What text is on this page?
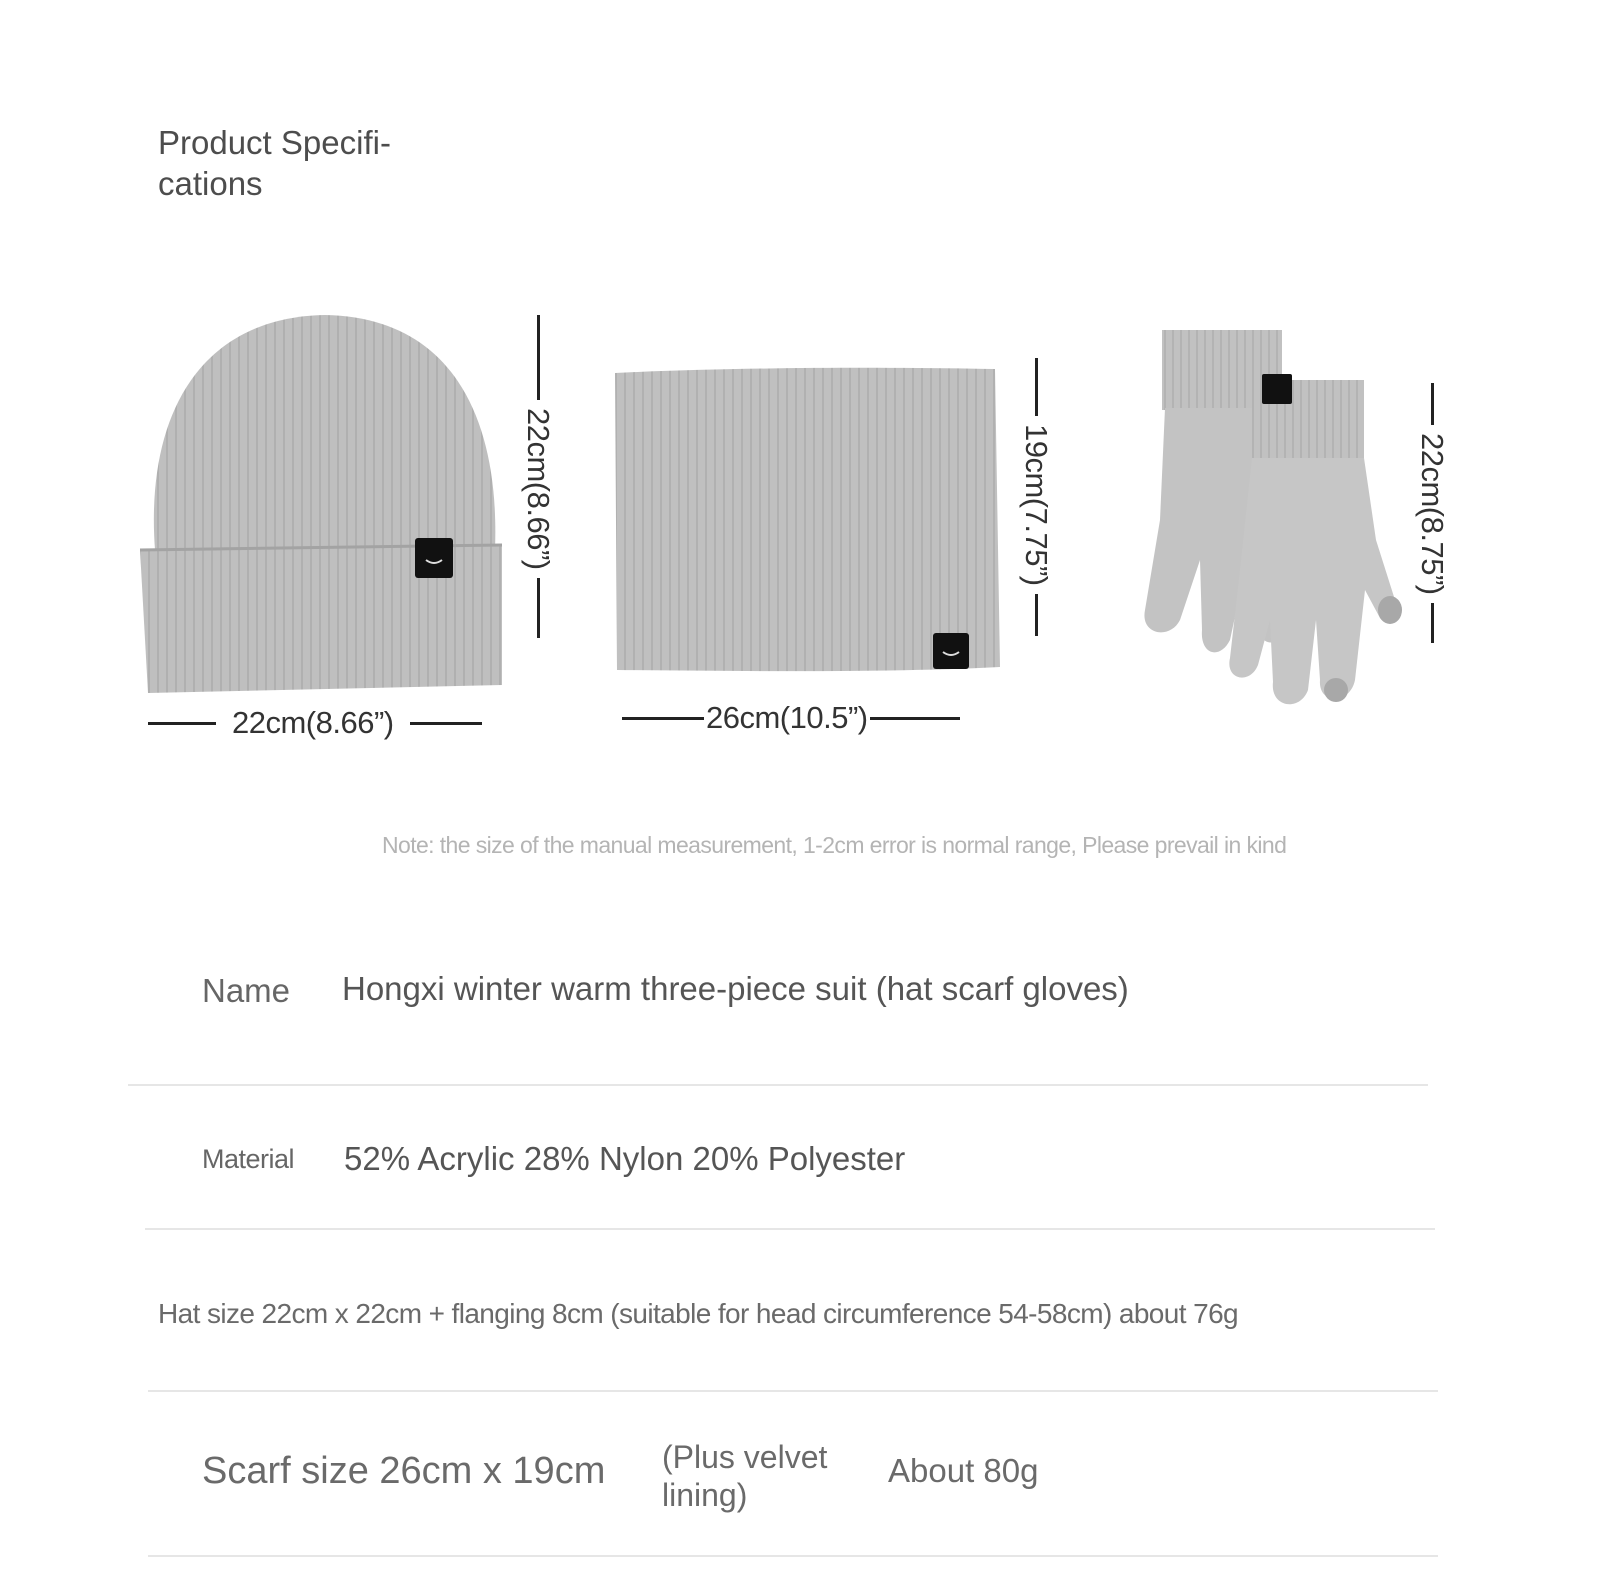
Product Specifi-
cations
22cm(8.66”)
22cm(8.66”)
19cm(7.75”)
26cm(10.5”)
22cm(8.75”)
Note: the size of the manual measurement, 1-2cm error is normal range, Please prevail in kind
Name Hongxi winter warm three-piece suit (hat scarf gloves)
Material 52% Acrylic 28% Nylon 20% Polyester
Hat size 22cm x 22cm + flanging 8cm (suitable for head circumference 54-58cm) about 76g
Scarf size 26cm x 19cm (Plus velvet
lining)
About 80g
